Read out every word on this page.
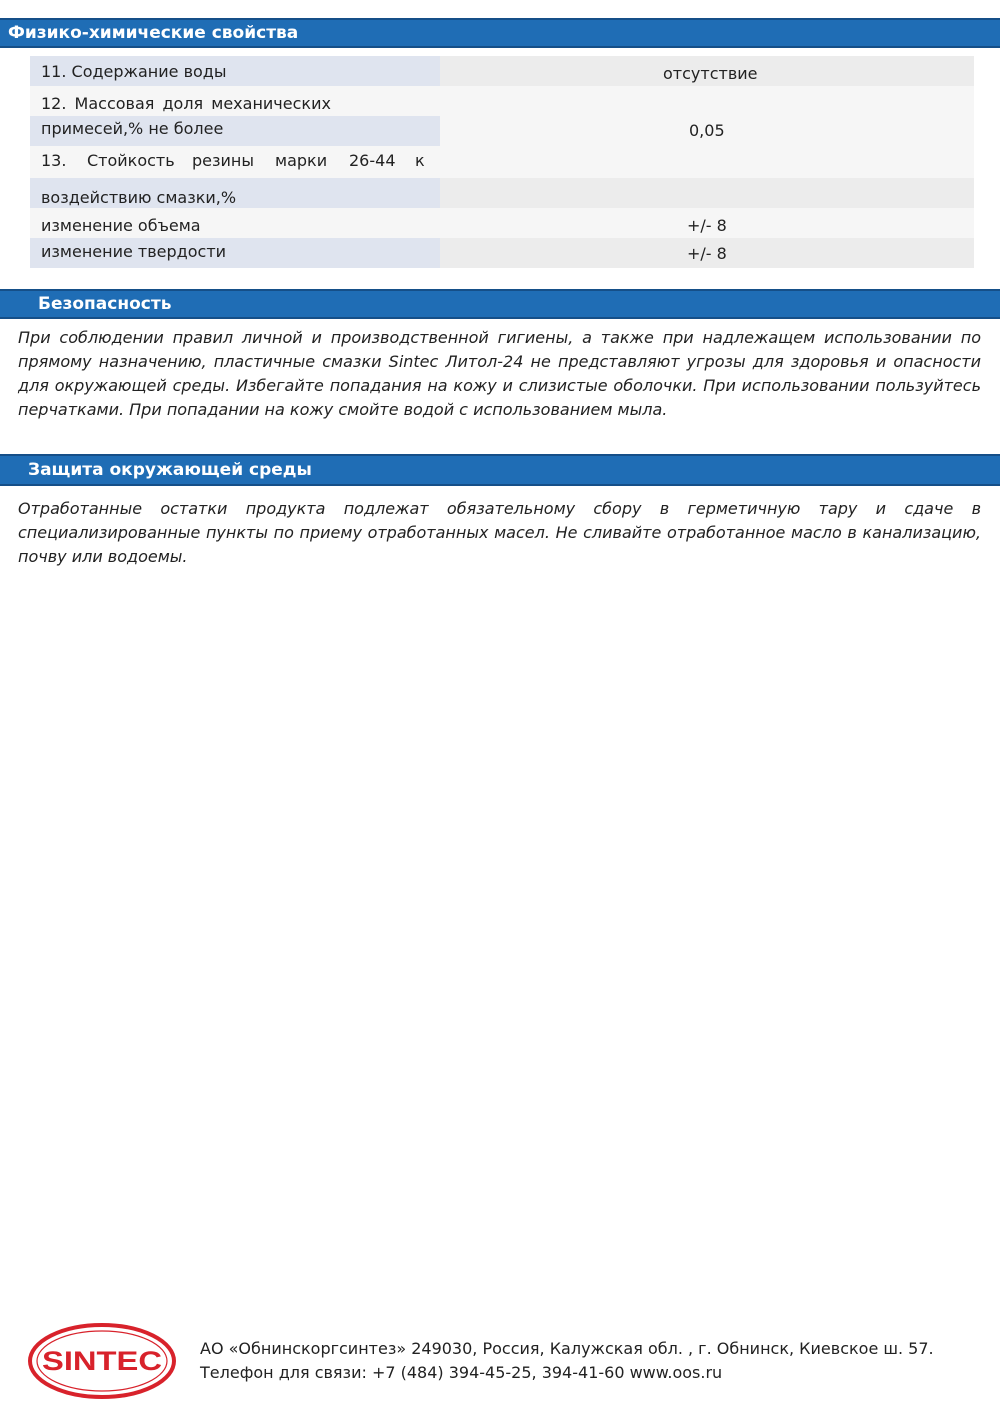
Физико-химические свойства
11. Содержание воды	отсутствие
12. Массовая доля механических
примесей,% не более	0,05
13. Стойкость резины марки 26-44 к
воздействию смазки,%
изменение объема	+/- 8
изменение твердости	+/- 8
Безопасность
При соблюдении правил личной и производственной гигиены, а также при надлежащем использовании по прямому назначению, пластичные смазки Sintec Литол-24 не представляют угрозы для здоровья и опасности для окружающей среды. Избегайте попадания на кожу и слизистые оболочки. При использовании пользуйтесь перчатками. При попадании на кожу смойте водой с использованием мыла.
Защита окружающей среды
Отработанные остатки продукта подлежат обязательному сбору в герметичную тару и сдаче в специализированные пункты по приему отработанных масел. Не сливайте отработанное масло в канализацию, почву или водоемы.
SINTEC АО «Обнинскоргсинтез» 249030, Россия, Калужская обл. , г. Обнинск, Киевское ш. 57.
Телефон для связи: +7 (484) 394-45-25, 394-41-60 www.oos.ru
